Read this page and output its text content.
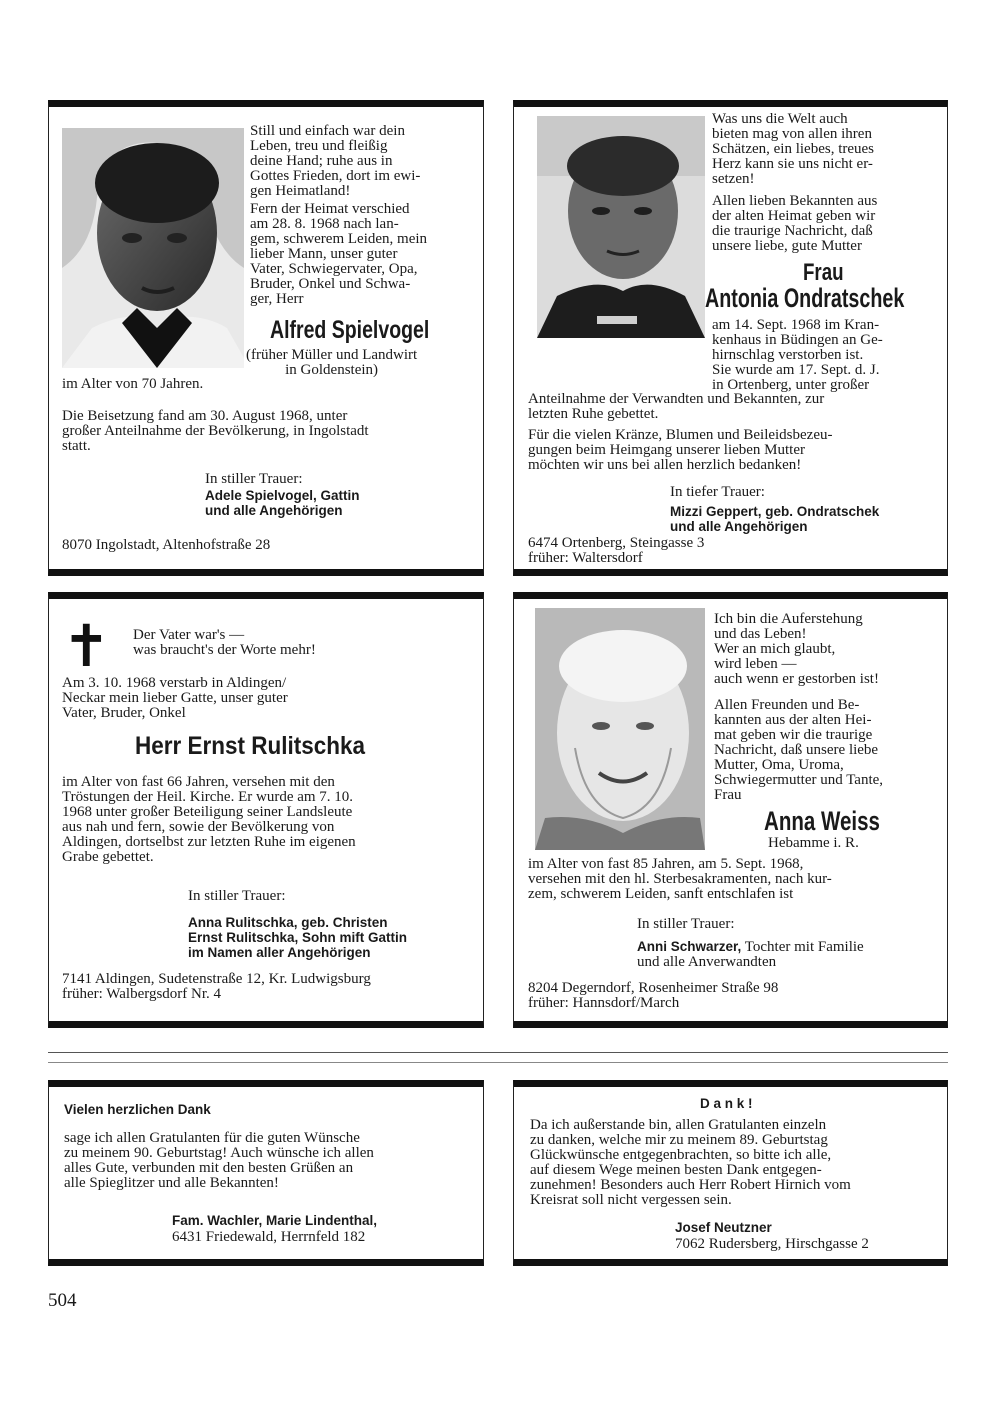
Still und einfach war dein
Leben, treu und fleißig
deine Hand; ruhe aus in
Gottes Frieden, dort im ewi-
gen Heimatland!

Fern der Heimat verschied
am 28. 8. 1968 nach lan-
gem, schwerem Leiden, mein
lieber Mann, unser guter
Vater, Schwiegervater, Opa,
Bruder, Onkel und Schwa-
ger, Herr

Alfred Spielvogel

(früher Müller und Landwirt
in Goldenstein)

im Alter von 70 Jahren.

Die Beisetzung fand am 30. August 1968, unter
großer Anteilnahme der Bevölkerung, in Ingolstadt
statt.

In stiller Trauer:

Adele Spielvogel, Gattin
und alle Angehörigen

8070 Ingolstadt, Altenhofstraße 28

Was uns die Welt auch
bieten mag von allen ihren
Schätzen, ein liebes, treues
Herz kann sie uns nicht er-
setzen!

Allen lieben Bekannten aus
der alten Heimat geben wir
die traurige Nachricht, daß
unsere liebe, gute Mutter

Frau
Antonia Ondratschek

am 14. Sept. 1968 im Kran-
kenhaus in Büdingen an Ge-
hirnschlag verstorben ist.
Sie wurde am 17. Sept. d. J.
in Ortenberg, unter großer

Anteilnahme der Verwandten und Bekannten, zur
letzten Ruhe gebettet.

Für die vielen Kränze, Blumen und Beileidsbezeu-
gungen beim Heimgang unserer lieben Mutter
möchten wir uns bei allen herzlich bedanken!

In tiefer Trauer:

Mizzi Geppert, geb. Ondratschek
und alle Angehörigen

6474 Ortenberg, Steingasse 3
früher: Waltersdorf

✝ Der Vater war's —
was braucht's der Worte mehr!

Am 3. 10. 1968 verstarb in Aldingen/
Neckar mein lieber Gatte, unser guter
Vater, Bruder, Onkel

Herr Ernst Rulitschka

im Alter von fast 66 Jahren, versehen mit den
Tröstungen der Heil. Kirche. Er wurde am 7. 10.
1968 unter großer Beteiligung seiner Landsleute
aus nah und fern, sowie der Bevölkerung von
Aldingen, dortselbst zur letzten Ruhe im eigenen
Grabe gebettet.

In stiller Trauer:

Anna Rulitschka, geb. Christen
Ernst Rulitschka, Sohn mift Gattin
im Namen aller Angehörigen

7141 Aldingen, Sudetenstraße 12, Kr. Ludwigsburg
früher: Walbergsdorf Nr. 4

Ich bin die Auferstehung
und das Leben!
Wer an mich glaubt,
wird leben —
auch wenn er gestorben ist!

Allen Freunden und Be-
kannten aus der alten Hei-
mat geben wir die traurige
Nachricht, daß unsere liebe
Mutter, Oma, Uroma,
Schwiegermutter und Tante,
Frau

Anna Weiss

Hebamme i. R.

im Alter von fast 85 Jahren, am 5. Sept. 1968,
versehen mit den hl. Sterbesakramenten, nach kur-
zem, schwerem Leiden, sanft entschlafen ist

In stiller Trauer:

Anni Schwarzer, Tochter mit Familie

und alle Anverwandten

8204 Degerndorf, Rosenheimer Straße 98
früher: Hannsdorf/March

Vielen herzlichen Dank

sage ich allen Gratulanten für die guten Wünsche
zu meinem 90. Geburtstag! Auch wünsche ich allen
alles Gute, verbunden mit den besten Grüßen an
alle Spieglitzer und alle Bekannten!

Fam. Wachler, Marie Lindenthal,

6431 Friedewald, Herrnfeld 182

D a n k !

Da ich außerstande bin, allen Gratulanten einzeln
zu danken, welche mir zu meinem 89. Geburtstag
Glückwünsche entgegenbrachten, so bitte ich alle,
auf diesem Wege meinen besten Dank entgegen-
zunehmen! Besonders auch Herr Robert Hirnich vom
Kreisrat soll nicht vergessen sein.

Josef Neutzner

7062 Rudersberg, Hirschgasse 2

504
